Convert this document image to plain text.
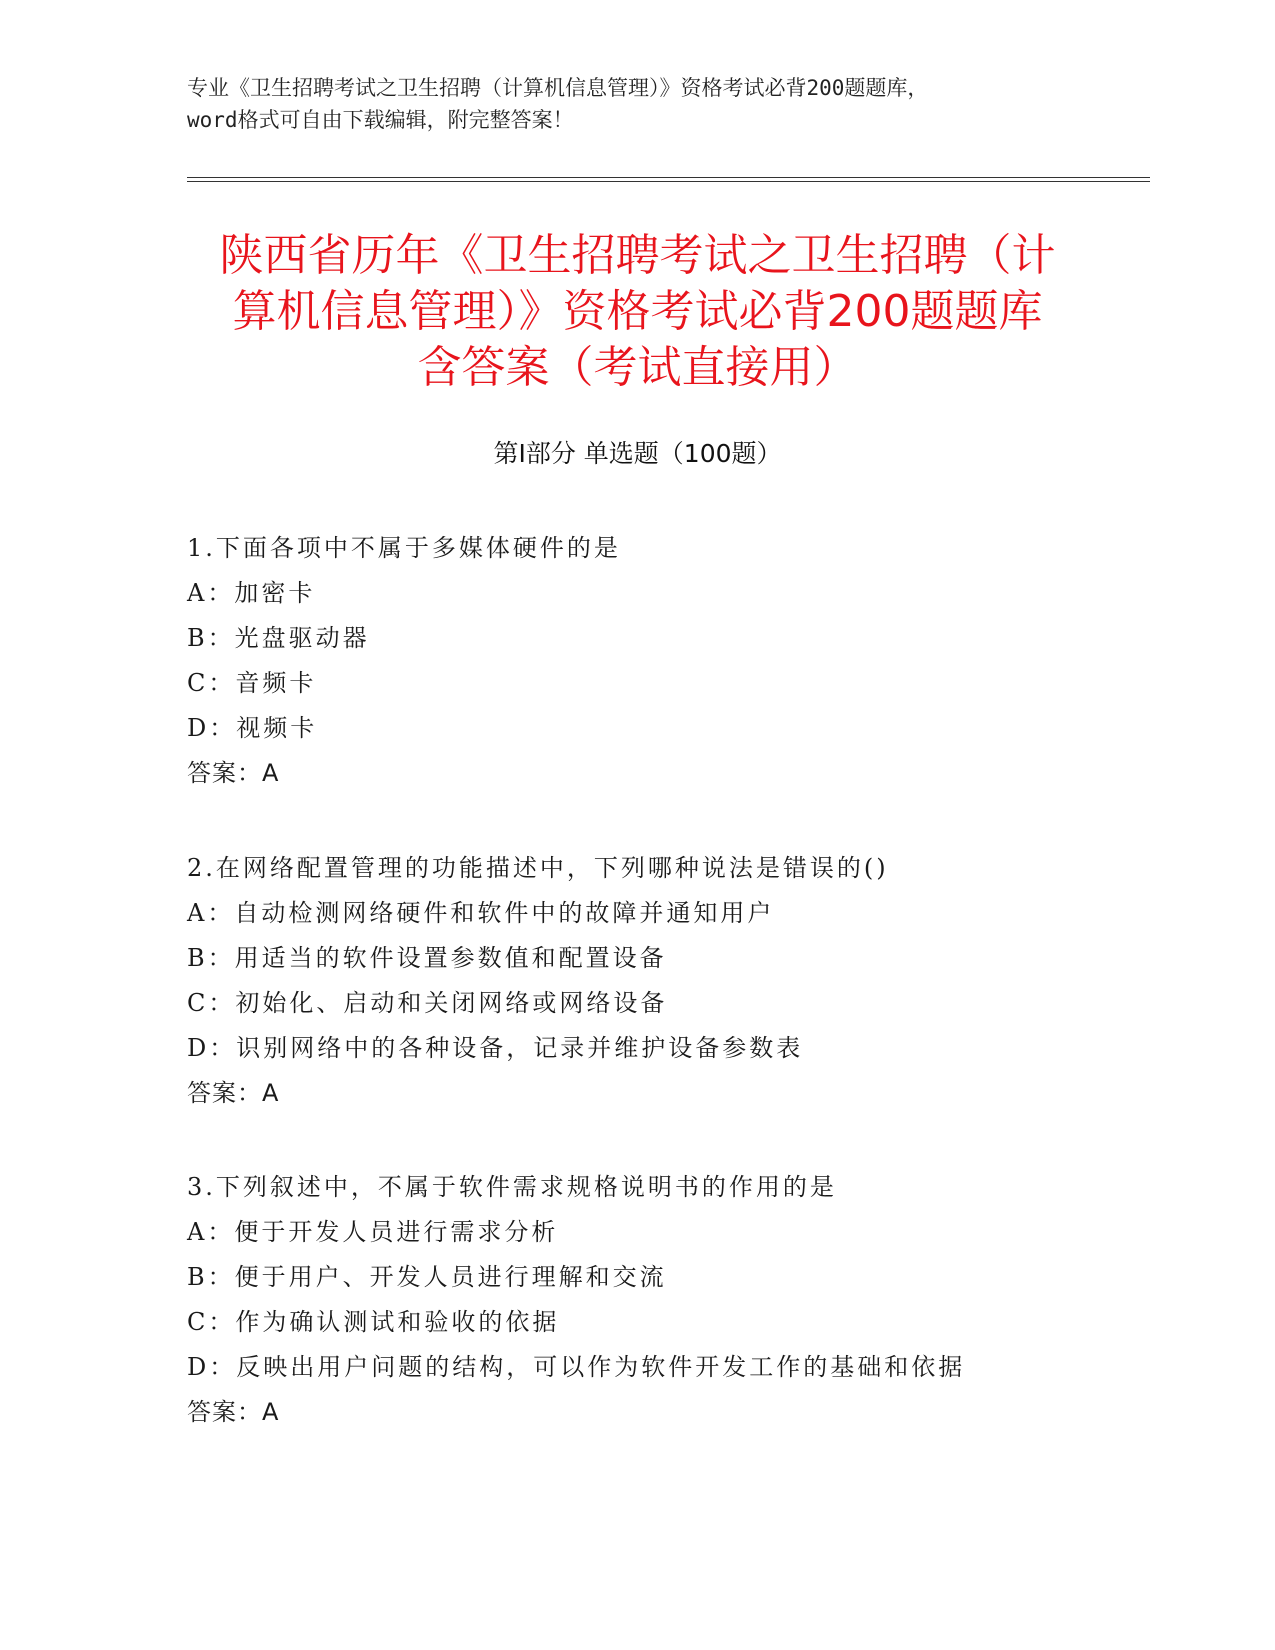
专业《卫生招聘考试之卫生招聘（计算机信息管理）》资格考试必背200题题库，
word格式可自由下载编辑，附完整答案！
陕西省历年《卫生招聘考试之卫生招聘（计
算机信息管理）》资格考试必背200题题库
含答案（考试直接用）
第Ⅰ部分 单选题（100题）
1.下面各项中不属于多媒体硬件的是
A：加密卡
B：光盘驱动器
C：音频卡
D：视频卡
答案：A
2.在网络配置管理的功能描述中，下列哪种说法是错误的()
A：自动检测网络硬件和软件中的故障并通知用户
B：用适当的软件设置参数值和配置设备
C：初始化、启动和关闭网络或网络设备
D：识别网络中的各种设备，记录并维护设备参数表
答案：A
3.下列叙述中，不属于软件需求规格说明书的作用的是
A：便于开发人员进行需求分析
B：便于用户、开发人员进行理解和交流
C：作为确认测试和验收的依据
D：反映出用户问题的结构，可以作为软件开发工作的基础和依据
答案：A
